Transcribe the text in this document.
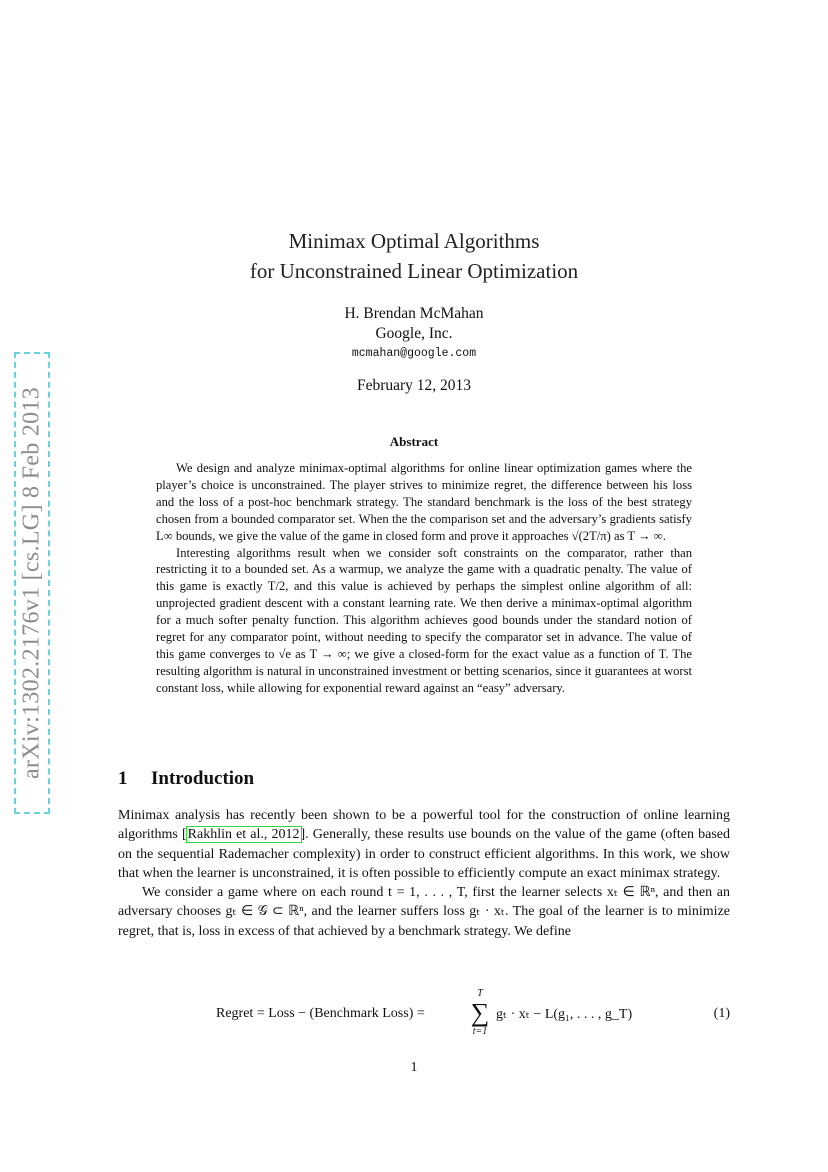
arXiv:1302.2176v1 [cs.LG] 8 Feb 2013
Minimax Optimal Algorithms
for Unconstrained Linear Optimization
H. Brendan McMahan
Google, Inc.
mcmahan@google.com
February 12, 2013
Abstract

We design and analyze minimax-optimal algorithms for online linear optimization games where the player’s choice is unconstrained. The player strives to minimize regret, the difference between his loss and the loss of a post-hoc benchmark strategy. The standard benchmark is the loss of the best strategy chosen from a bounded comparator set. When the the comparison set and the adversary’s gradients satisfy L∞ bounds, we give the value of the game in closed form and prove it approaches √(2T/π) as T → ∞.

Interesting algorithms result when we consider soft constraints on the comparator, rather than restricting it to a bounded set. As a warmup, we analyze the game with a quadratic penalty. The value of this game is exactly T/2, and this value is achieved by perhaps the simplest online algorithm of all: unprojected gradient descent with a constant learning rate. We then derive a minimax-optimal algorithm for a much softer penalty function. This algorithm achieves good bounds under the standard notion of regret for any comparator point, without needing to specify the comparator set in advance. The value of this game converges to √e as T → ∞; we give a closed-form for the exact value as a function of T. The resulting algorithm is natural in unconstrained investment or betting scenarios, since it guarantees at worst constant loss, while allowing for exponential reward against an “easy” adversary.

1 Introduction

Minimax analysis has recently been shown to be a powerful tool for the construction of online learning algorithms [Rakhlin et al., 2012]. Generally, these results use bounds on the value of the game (often based on the sequential Rademacher complexity) in order to construct efficient algorithms. In this work, we show that when the learner is unconstrained, it is often possible to efficiently compute an exact minimax strategy.

We consider a game where on each round t = 1, . . . , T, first the learner selects xₜ ∈ ℝⁿ, and then an adversary chooses gₜ ∈ 𝒢 ⊂ ℝⁿ, and the learner suffers loss gₜ · xₜ. The goal of the learner is to minimize regret, that is, loss in excess of that achieved by a benchmark strategy. We define

Regret = Loss − (Benchmark Loss) =
T
∑
t=1
gₜ · xₜ − L(g₁, . . . , g_T)	(1)
1
